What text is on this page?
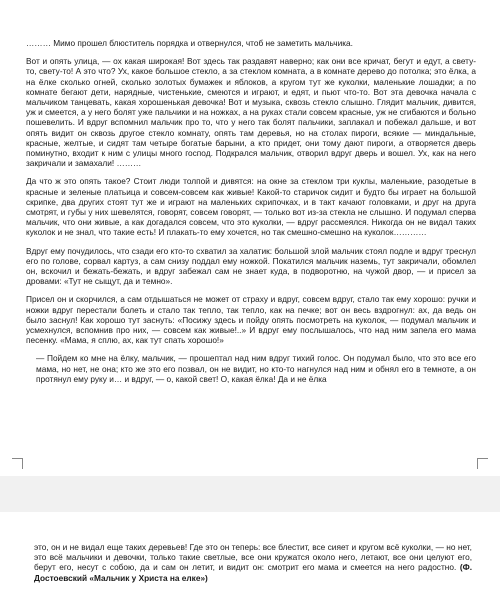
……… Мимо прошел блюститель порядка и отвернулся, чтоб не заметить мальчика.

Вот и опять улица, — ох какая широкая! Вот здесь так раздавят наверно; как они все кричат, бегут и едут, а свету-то, свету-то! А это что? Ух, какое большое стекло, а за стеклом комната, а в комнате дерево до потолка; это ёлка, а на ёлке сколько огней, сколько золотых бумажек и яблоков, а кругом тут же куколки, маленькие лошадки; а по комнате бегают дети, нарядные, чистенькие, смеются и играют, и едят, и пьют что-то. Вот эта девочка начала с мальчиком танцевать, какая хорошенькая девочка! Вот и музыка, сквозь стекло слышно. Глядит мальчик, дивится, уж и смеется, а у него болят уже пальчики и на ножках, а на руках стали совсем красные, уж не сгибаются и больно пошевелить. И вдруг вспомнил мальчик про то, что у него так болят пальчики, заплакал и побежал дальше, и вот опять видит он сквозь другое стекло комнату, опять там деревья, но на столах пироги, всякие — миндальные, красные, желтые, и сидят там четыре богатые барыни, а кто придет, они тому дают пироги, а отворяется дверь поминутно, входит к ним с улицы много господ. Подкрался мальчик, отворил вдруг дверь и вошел. Ух, как на него закричали и замахали! ………

Да что ж это опять такое? Стоит люди толпой и дивятся: на окне за стеклом три куклы, маленькие, разодетые в красные и зеленые платьица и совсем-совсем как живые! Какой-то старичок сидит и будто бы играет на большой скрипке, два других стоят тут же и играют на маленьких скрипочках, и в такт качают головками, и друг на друга смотрят, и губы у них шевелятся, говорят, совсем говорят, — только вот из-за стекла не слышно. И подумал сперва мальчик, что они живые, а как догадался совсем, что это куколки, — вдруг рассмеялся. Никогда он не видал таких куколок и не знал, что такие есть! И плакать-то ему хочется, но так смешно-смешно на куколок…………

Вдруг ему почудилось, что сзади его кто-то схватил за халатик: большой злой мальчик стоял подле и вдруг треснул его по голове, сорвал картуз, а сам снизу поддал ему ножкой. Покатился мальчик наземь, тут закричали, обомлел он, вскочил и бежать-бежать, и вдруг забежал сам не знает куда, в подворотню, на чужой двор, — и присел за дровами: «Тут не сыщут, да и темно».

Присел он и скорчился, а сам отдышаться не может от страху и вдруг, совсем вдруг, стало так ему хорошо: ручки и ножки вдруг перестали болеть и стало так тепло, так тепло, как на печке; вот он весь вздрогнул: ах, да ведь он было заснул! Как хорошо тут заснуть: «Посижу здесь и пойду опять посмотреть на куколок, — подумал мальчик и усмехнулся, вспомнив про них, — совсем как живые!..» И вдруг ему послышалось, что над ним запела его мама песенку. «Мама, я сплю, ах, как тут спать хорошо!»

— Пойдем ко мне на ёлку, мальчик, — прошептал над ним вдруг тихий голос. Он подумал было, что это все его мама, но нет, не она; кто же это его позвал, он не видит, но кто-то нагнулся над ним и обнял его в темноте, а он протянул ему руку и… и вдруг, — о, какой свет! О, какая ёлка! Да и не ёлка

это, он и не видал еще таких деревьев! Где это он теперь: все блестит, все сияет и кругом всё куколки, — но нет, это всё мальчики и девочки, только такие светлые, все они кружатся около него, летают, все они целуют его, берут его, несут с собою, да и сам он летит, и видит он: смотрит его мама и смеется на него радостно. (Ф. Достоевский «Мальчик у Христа на елке»)
